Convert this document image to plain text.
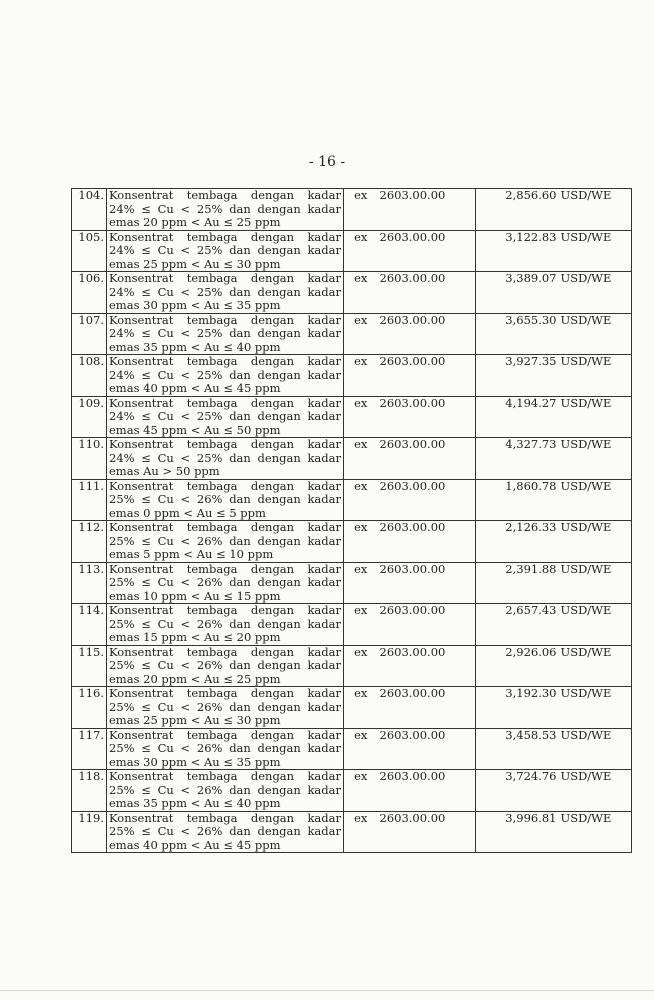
- 16 -
104.	Konsentrat tembaga dengan kadar
24% ≤ Cu < 25% dan dengan kadar
emas 20 ppm < Au ≤ 25 ppm	ex	2603.00.00	2,856.60	USD/WE
105.	Konsentrat tembaga dengan kadar
24% ≤ Cu < 25% dan dengan kadar
emas 25 ppm < Au ≤ 30 ppm	ex	2603.00.00	3,122.83	USD/WE
106.	Konsentrat tembaga dengan kadar
24% ≤ Cu < 25% dan dengan kadar
emas 30 ppm < Au ≤ 35 ppm	ex	2603.00.00	3,389.07	USD/WE
107.	Konsentrat tembaga dengan kadar
24% ≤ Cu < 25% dan dengan kadar
emas 35 ppm < Au ≤ 40 ppm	ex	2603.00.00	3,655.30	USD/WE
108.	Konsentrat tembaga dengan kadar
24% ≤ Cu < 25% dan dengan kadar
emas 40 ppm < Au ≤ 45 ppm	ex	2603.00.00	3,927.35	USD/WE
109.	Konsentrat tembaga dengan kadar
24% ≤ Cu < 25% dan dengan kadar
emas 45 ppm < Au ≤ 50 ppm	ex	2603.00.00	4,194.27	USD/WE
110.	Konsentrat tembaga dengan kadar
24% ≤ Cu < 25% dan dengan kadar
emas Au > 50 ppm	ex	2603.00.00	4,327.73	USD/WE
111.	Konsentrat tembaga dengan kadar
25% ≤ Cu < 26% dan dengan kadar
emas 0 ppm < Au ≤ 5 ppm	ex	2603.00.00	1,860.78	USD/WE
112.	Konsentrat tembaga dengan kadar
25% ≤ Cu < 26% dan dengan kadar
emas 5 ppm < Au ≤ 10 ppm	ex	2603.00.00	2,126.33	USD/WE
113.	Konsentrat tembaga dengan kadar
25% ≤ Cu < 26% dan dengan kadar
emas 10 ppm < Au ≤ 15 ppm	ex	2603.00.00	2,391.88	USD/WE
114.	Konsentrat tembaga dengan kadar
25% ≤ Cu < 26% dan dengan kadar
emas 15 ppm < Au ≤ 20 ppm	ex	2603.00.00	2,657.43	USD/WE
115.	Konsentrat tembaga dengan kadar
25% ≤ Cu < 26% dan dengan kadar
emas 20 ppm < Au ≤ 25 ppm	ex	2603.00.00	2,926.06	USD/WE
116.	Konsentrat tembaga dengan kadar
25% ≤ Cu < 26% dan dengan kadar
emas 25 ppm < Au ≤ 30 ppm	ex	2603.00.00	3,192.30	USD/WE
117.	Konsentrat tembaga dengan kadar
25% ≤ Cu < 26% dan dengan kadar
emas 30 ppm < Au ≤ 35 ppm	ex	2603.00.00	3,458.53	USD/WE
118.	Konsentrat tembaga dengan kadar
25% ≤ Cu < 26% dan dengan kadar
emas 35 ppm < Au ≤ 40 ppm	ex	2603.00.00	3,724.76	USD/WE
119.	Konsentrat tembaga dengan kadar
25% ≤ Cu < 26% dan dengan kadar
emas 40 ppm < Au ≤ 45 ppm	ex	2603.00.00	3,996.81	USD/WE
